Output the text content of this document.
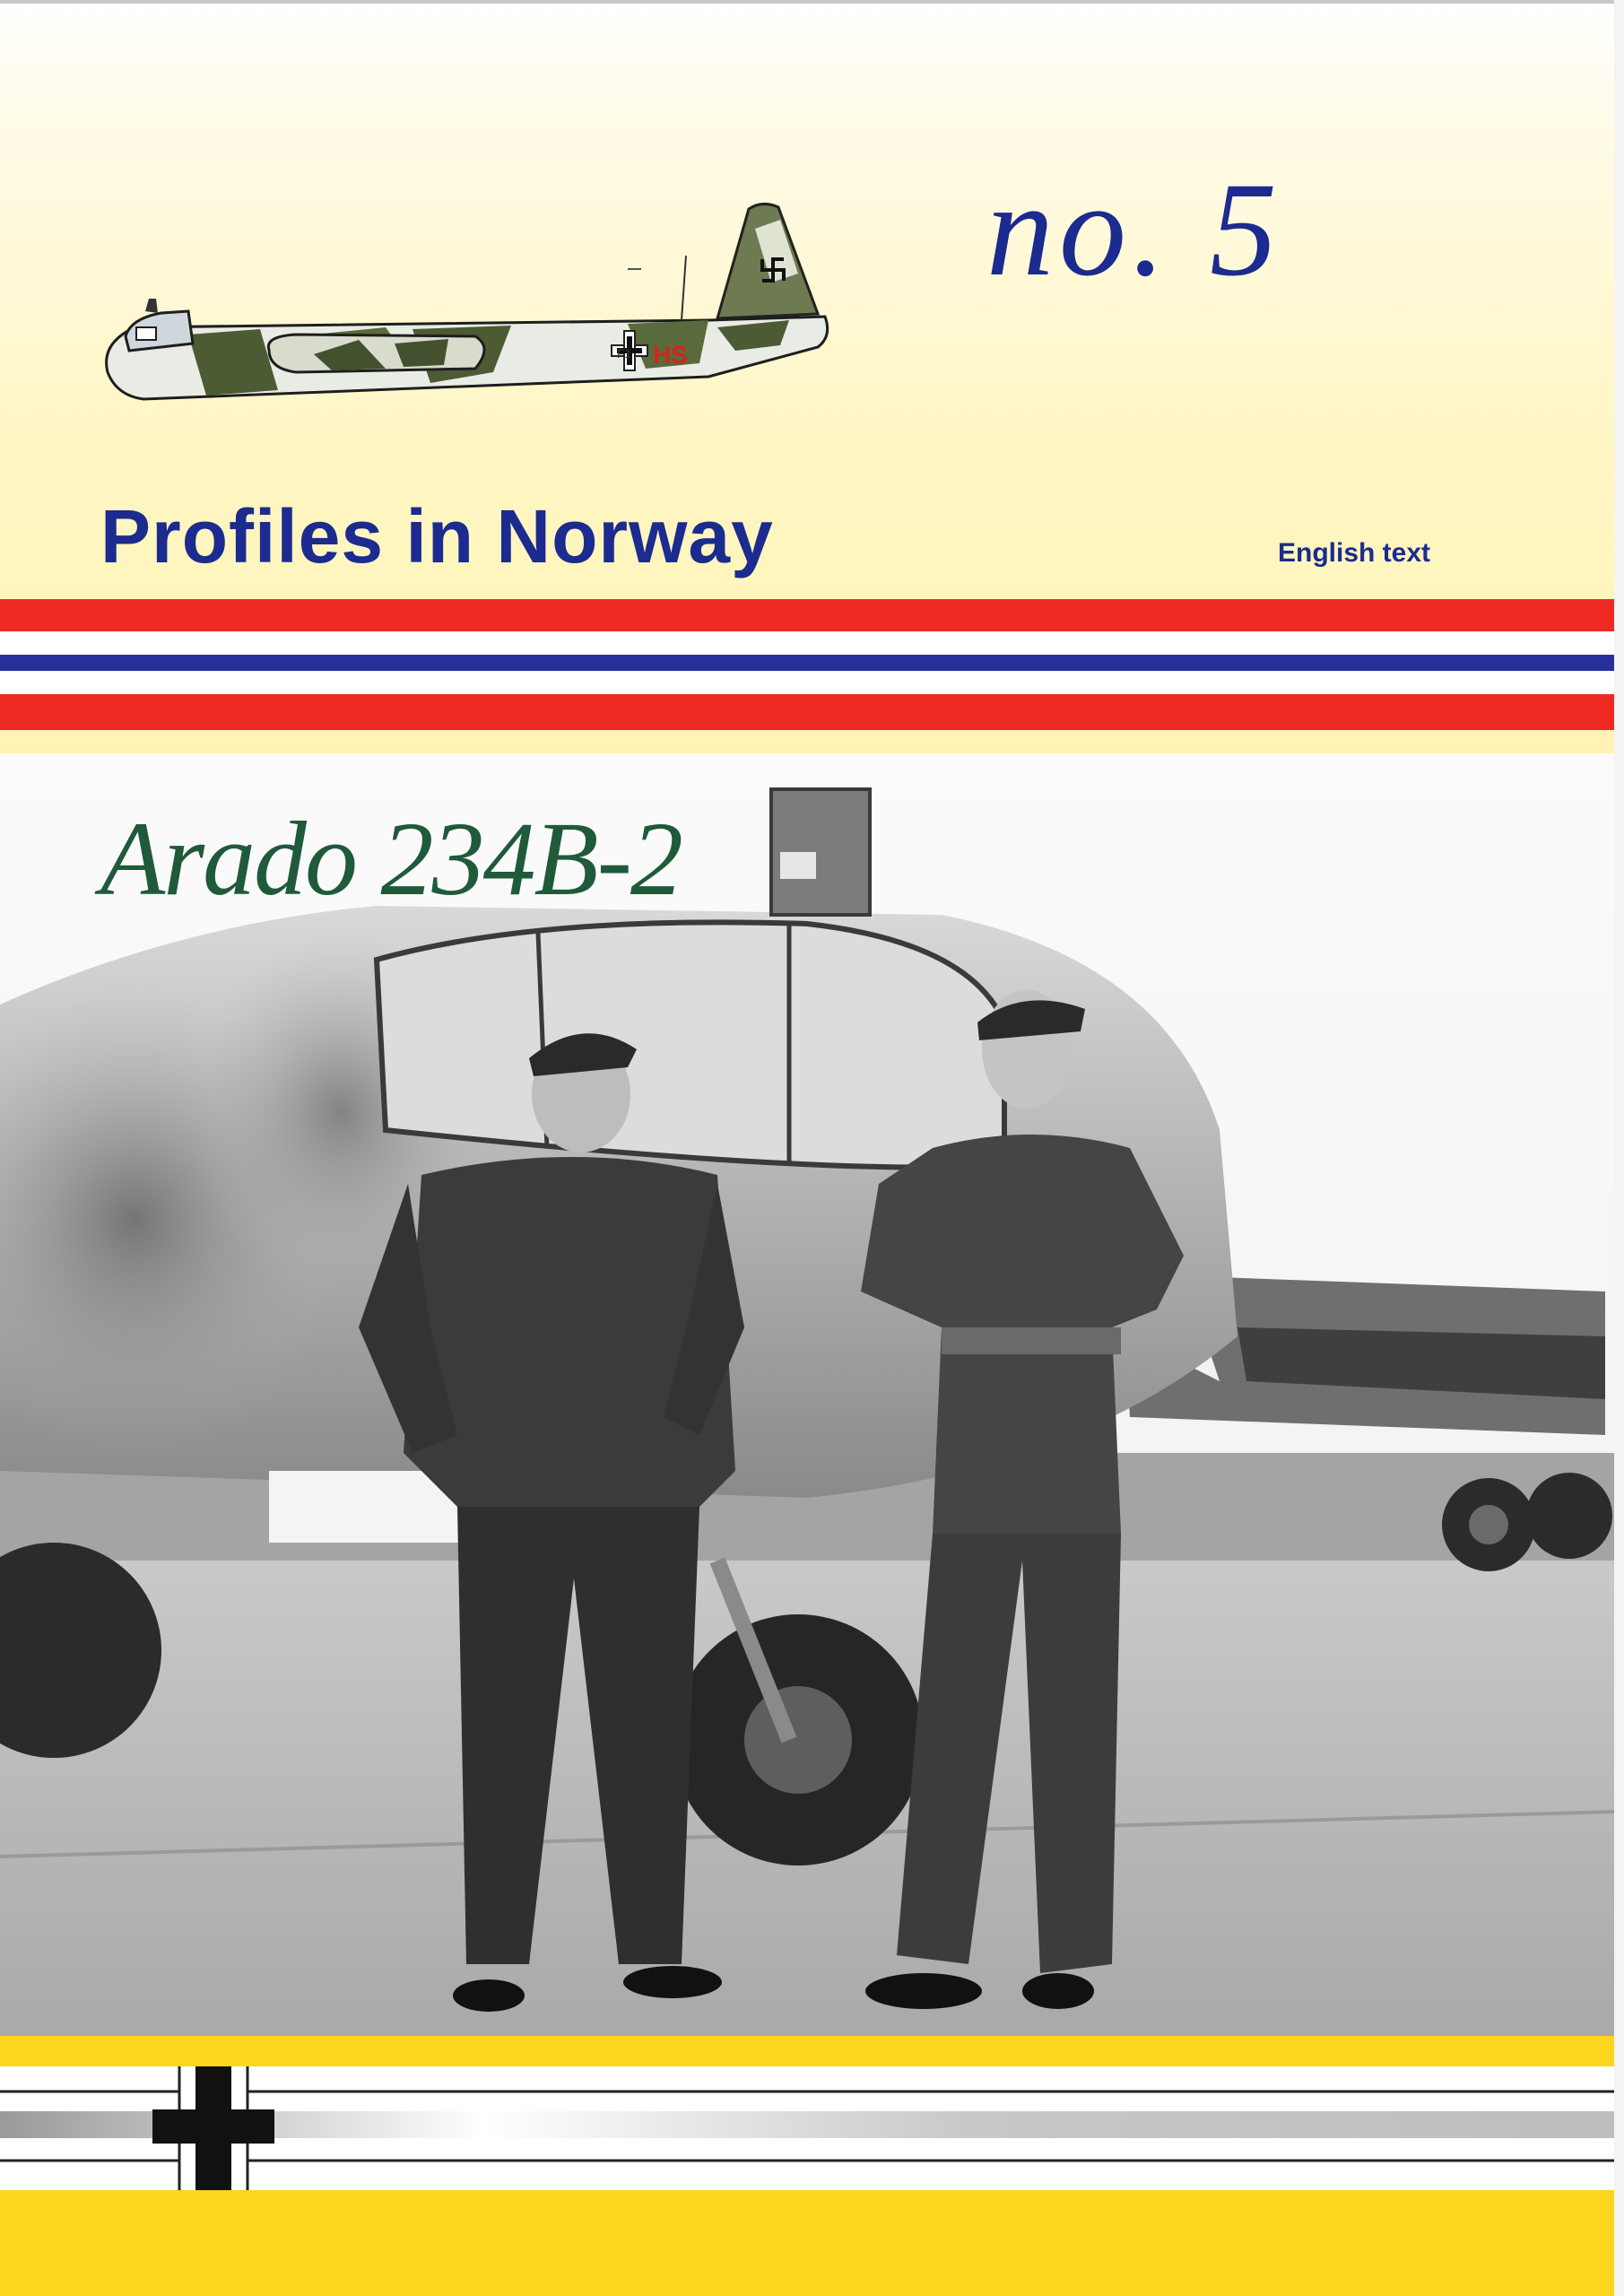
HS
F1
no. 5
Profiles in Norway	English text
Arado 234B-2
